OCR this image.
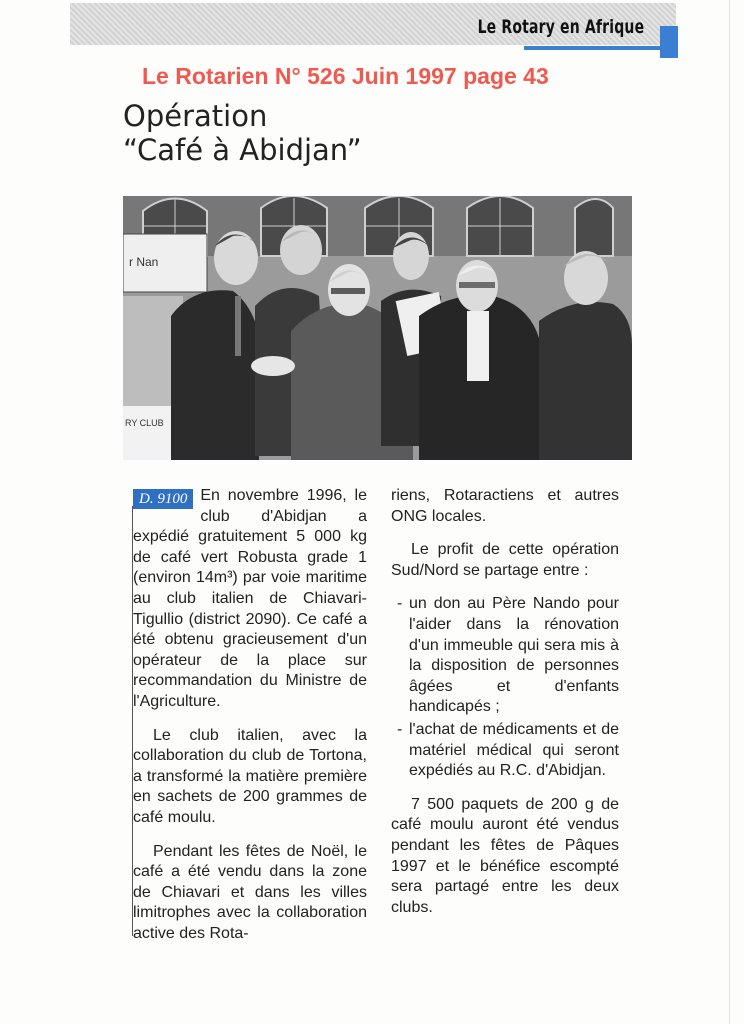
Le Rotary en Afrique
Le Rotarien N° 526 Juin 1997 page 43
Opération
“Café à Abidjan”
r Nan
RY CLUB

D. 9100 En novembre 1996, le club d'Abidjan a expédié gratuitement 5 000 kg de café vert Robusta grade 1 (environ 14m³) par voie maritime au club italien de Chiavari-Tigullio (district 2090). Ce café a été obtenu gracieusement d'un opérateur de la place sur recommandation du Ministre de l'Agriculture.

Le club italien, avec la collaboration du club de Tortona, a transformé la matière première en sachets de 200 grammes de café moulu.

Pendant les fêtes de Noël, le café a été vendu dans la zone de Chiavari et dans les villes limitrophes avec la collaboration active des Rota-

riens, Rotaractiens et autres ONG locales.

Le profit de cette opération Sud/Nord se partage entre :

- un don au Père Nando pour l'aider dans la rénovation d'un immeuble qui sera mis à la disposition de personnes âgées et d'enfants handicapés ;
- l'achat de médicaments et de matériel médical qui seront expédiés au R.C. d'Abidjan.

7 500 paquets de 200 g de café moulu auront été vendus pendant les fêtes de Pâques 1997 et le bénéfice escompté sera partagé entre les deux clubs.
